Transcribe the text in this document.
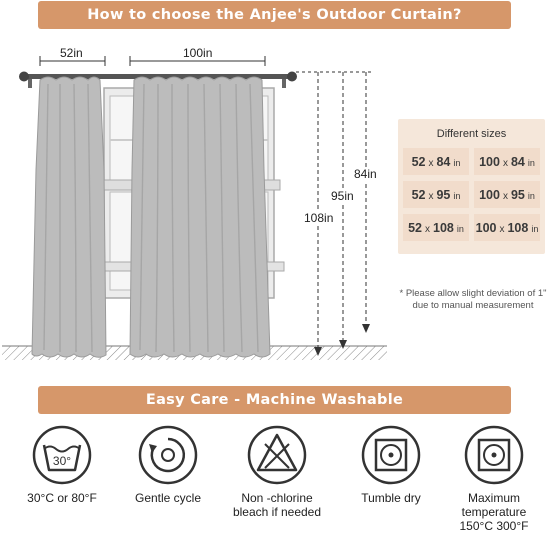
How to choose the Anjee's Outdoor Curtain?
52in	100in
84in
95in
108in
Different sizes
52 x 84 in 100 x 84 in
52 x 95 in 100 x 95 in
52 x 108 in 100 x 108 in
* Please allow slight deviation of 1" due to manual measurement
Easy Care - Machine Washable
30°
30°C or 80°F	Gentle cycle	Non -chlorine
bleach if needed
Tumble dry	Maximum
temperature
150°C 300°F
